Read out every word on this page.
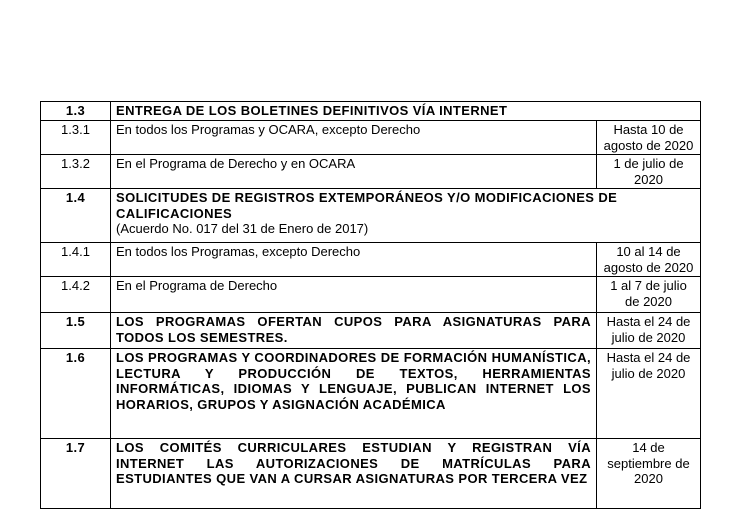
1.3	ENTREGA DE LOS BOLETINES DEFINITIVOS VÍA INTERNET	
1.3.1	En todos los Programas y OCARA, excepto Derecho	Hasta 10 de agosto de 2020
1.3.2	En el Programa de Derecho y en OCARA	1 de julio de 2020
1.4	SOLICITUDES DE REGISTROS EXTEMPORÁNEOS Y/O MODIFICACIONES DE CALIFICACIONES
(Acuerdo No. 017 del 31 de Enero de 2017)	

1.4.1	En todos los Programas, excepto Derecho	10 al 14 de agosto de 2020
1.4.2	En el Programa de Derecho	1 al 7 de julio de 2020
1.5	LOS PROGRAMAS OFERTAN CUPOS PARA ASIGNATURAS PARA TODOS LOS SEMESTRES.	Hasta el 24 de julio de 2020
1.6	LOS PROGRAMAS Y COORDINADORES DE FORMACIÓN HUMANÍSTICA, LECTURA Y PRODUCCIÓN DE TEXTOS, HERRAMIENTAS INFORMÁTICAS, IDIOMAS Y LENGUAJE, PUBLICAN INTERNET LOS HORARIOS, GRUPOS Y ASIGNACIÓN ACADÉMICA	Hasta el 24 de julio de 2020
1.7	LOS COMITÉS CURRICULARES ESTUDIAN Y REGISTRAN VÍA INTERNET LAS AUTORIZACIONES DE MATRÍCULAS PARA ESTUDIANTES QUE VAN A CURSAR ASIGNATURAS POR TERCERA VEZ	14 de septiembre de 2020
